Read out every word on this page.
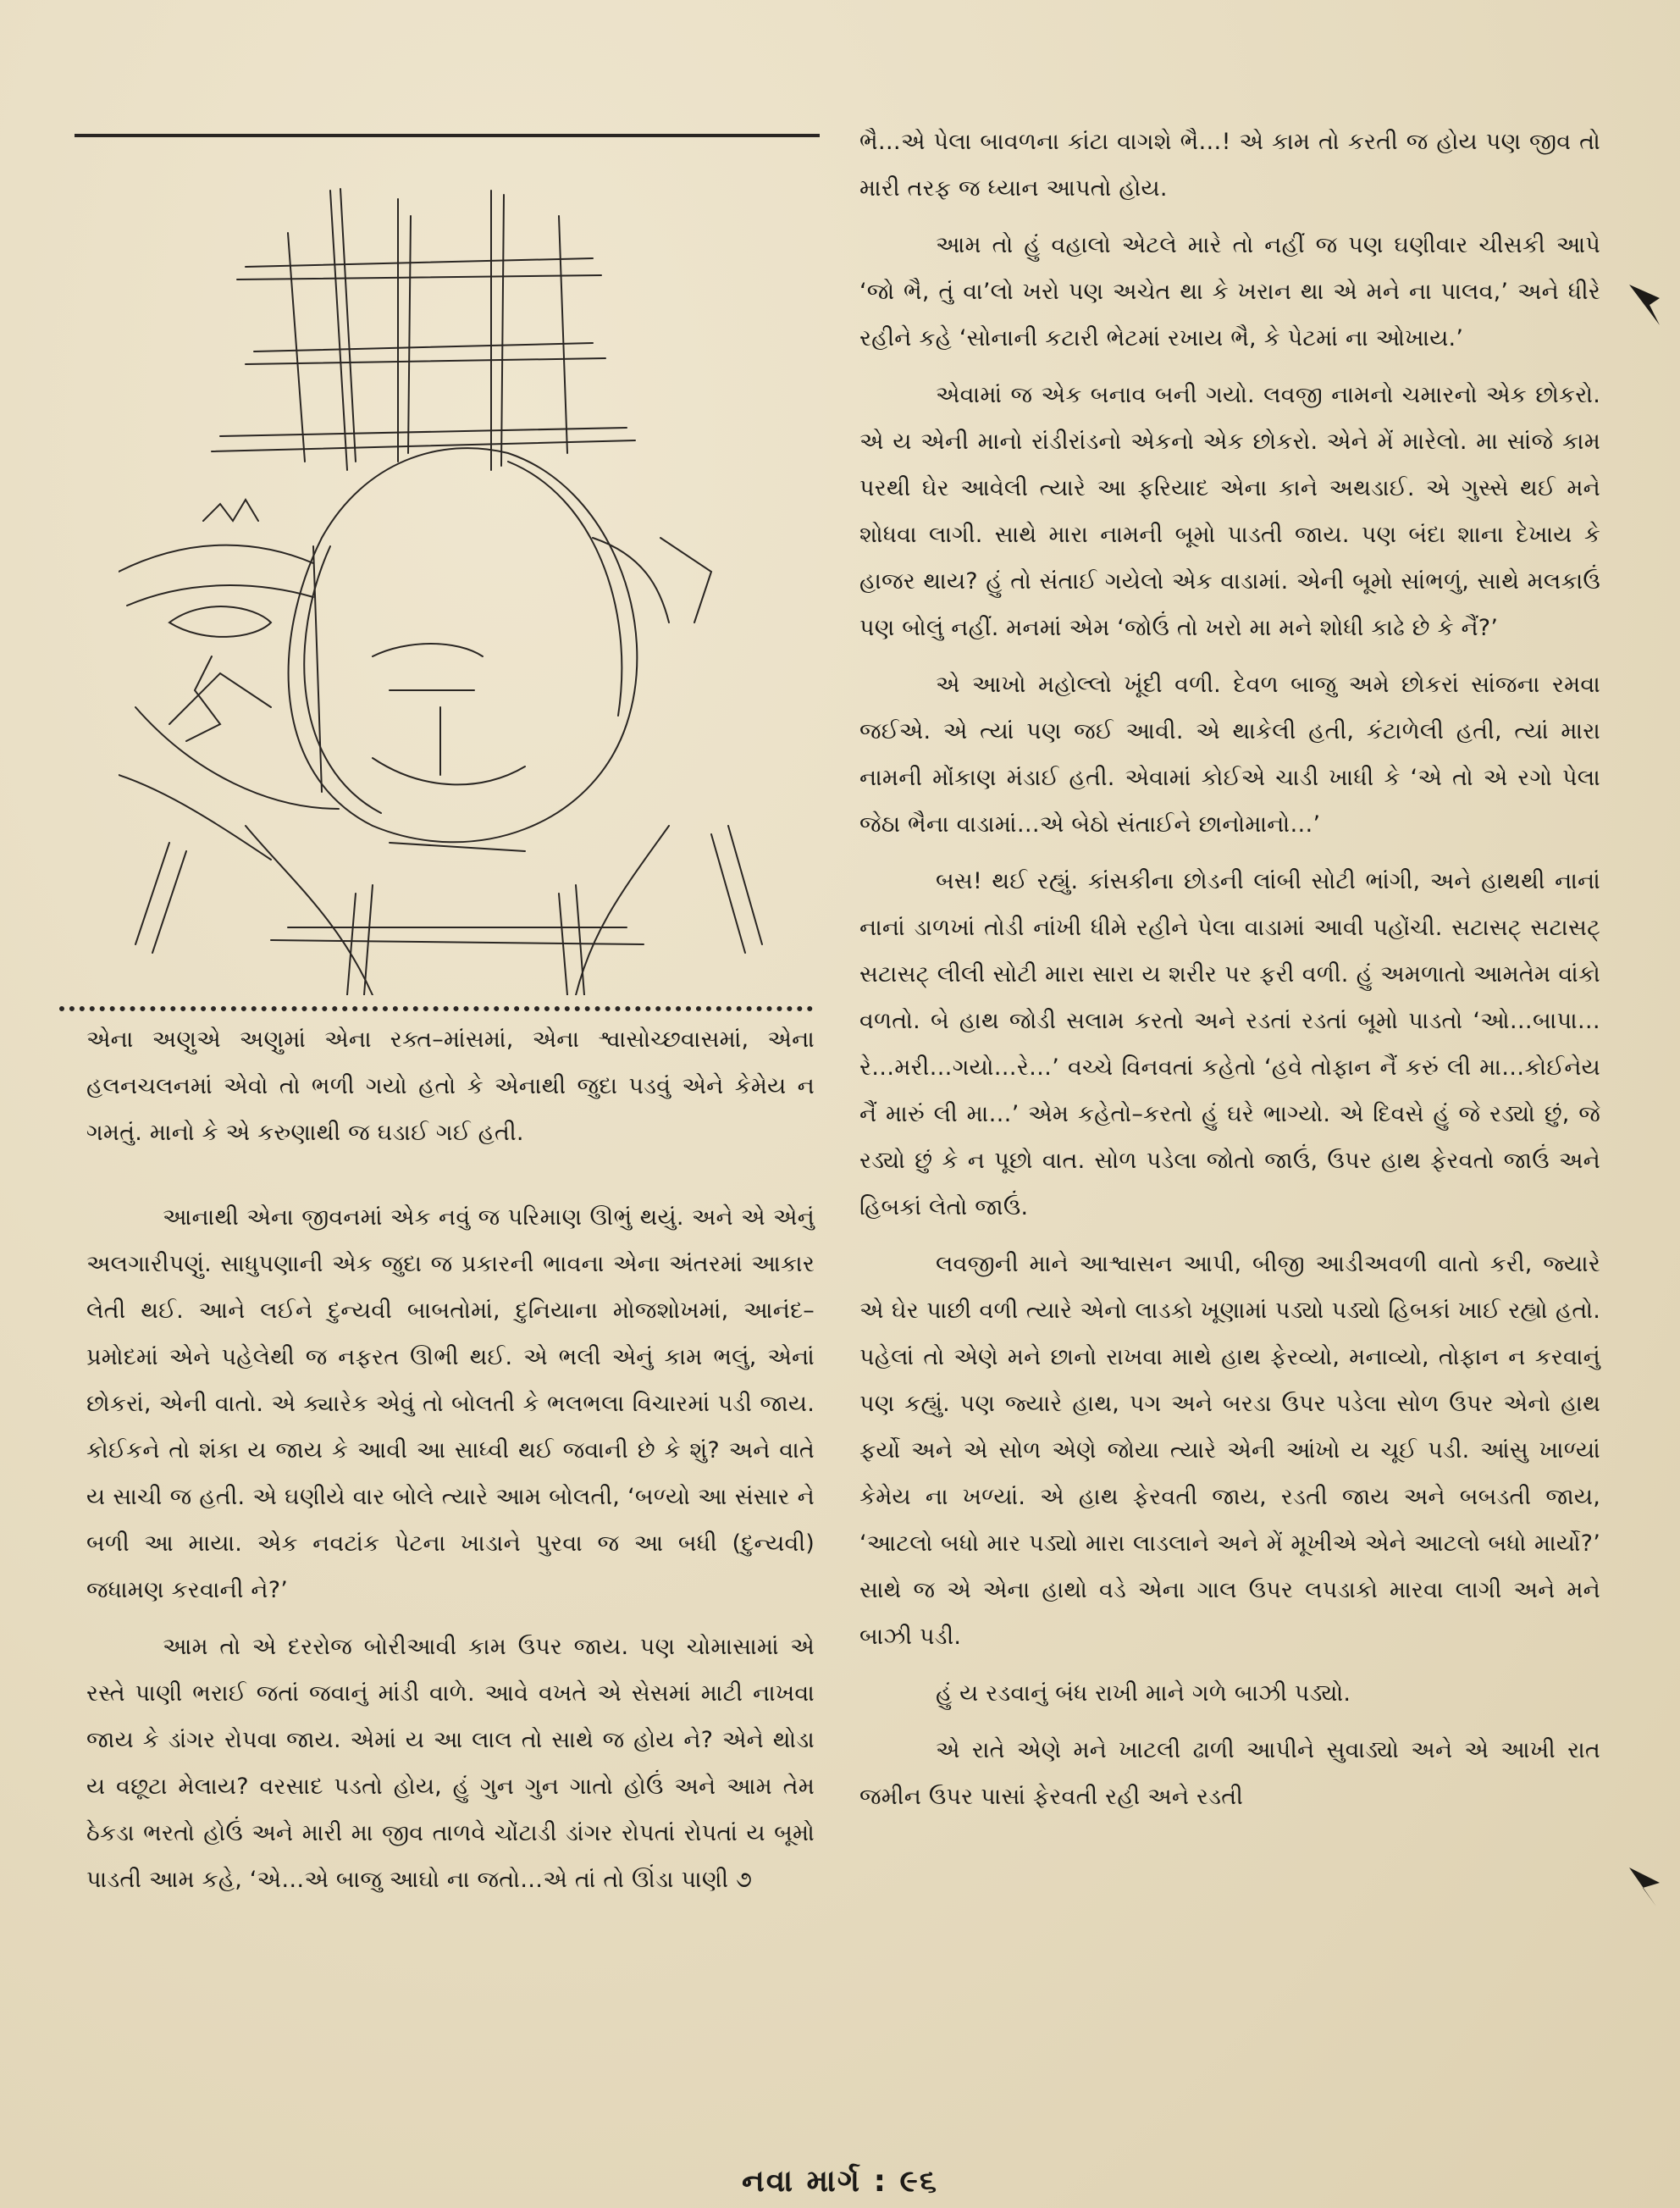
એના અણુએ અણુમાં એના રક્ત–માંસમાં, એના શ્વાસોચ્છવાસમાં, એના હલનચલનમાં એવો તો ભળી ગયો હતો કે એનાથી જુદા પડવું એને કેમેય ન ગમતું. માનો કે એ કરુણાથી જ ઘડાઈ ગઈ હતી.

આનાથી એના જીવનમાં એક નવું જ પરિમાણ ઊભું થયું. અને એ એનું અલગારીપણું. સાધુપણાની એક જુદા જ પ્રકારની ભાવના એના અંતરમાં આકાર લેતી થઈ. આને લઈને દુન્યવી બાબતોમાં, દુનિયાના મોજશોખમાં, આનંદ–પ્રમોદમાં એને પહેલેથી જ નફરત ઊભી થઈ. એ ભલી એનું કામ ભલું, એનાં છોકરાં, એની વાતો. એ ક્યારેક એવું તો બોલતી કે ભલભલા વિચારમાં પડી જાય. કોઈકને તો શંકા ય જાય કે આવી આ સાધ્વી થઈ જવાની છે કે શું? અને વાતે ય સાચી જ હતી. એ ઘણીયે વાર બોલે ત્યારે આમ બોલતી, ‘બળ્યો આ સંસાર ને બળી આ માયા. એક નવટાંક પેટના ખાડાને પુરવા જ આ બધી (દુન્યવી) જધામણ કરવાની ને?’

આમ તો એ દરરોજ બોરીઆવી કામ ઉપર જાય. પણ ચોમાસામાં એ રસ્તે પાણી ભરાઈ જતાં જવાનું માંડી વાળે. આવે વખતે એ સેસમાં માટી નાખવા જાય કે ડાંગર રોપવા જાય. એમાં ય આ લાલ તો સાથે જ હોય ને? એને થોડા ય વછૂટા મેલાય? વરસાદ પડતો હોય, હું ગુન ગુન ગાતો હોઉં અને આમ તેમ ઠેકડા ભરતો હોઉં અને મારી મા જીવ તાળવે ચોંટાડી ડાંગર રોપતાં રોપતાં ય બૂમો પાડતી આમ કહે, ‘એ…એ બાજુ આઘો ના જતો…એ તાં તો ઊંડા પાણી ૭

ભૈ…એ પેલા બાવળના કાંટા વાગશે ભૈ…! એ કામ તો કરતી જ હોય પણ જીવ તો મારી તરફ જ ધ્યાન આપતો હોય.

આમ તો હું વહાલો એટલે મારે તો નહીં જ પણ ઘણીવાર ચીસકી આપે ‘જો ભૈ, તું વા’લો ખરો પણ અચેત થા કે ખરાન થા એ મને ના પાલવ,’ અને ધીરે રહીને કહે ‘સોનાની કટારી ભેટમાં રખાય ભૈ, કે પેટમાં ના ઓખાય.’

એવામાં જ એક બનાવ બની ગયો. લવજી નામનો ચમારનો એક છોકરો. એ ય એની માનો રાંડીરાંડનો એકનો એક છોકરો. એને મેં મારેલો. મા સાંજે કામ પરથી ઘેર આવેલી ત્યારે આ ફરિયાદ એના કાને અથડાઈ. એ ગુસ્સે થઈ મને શોધવા લાગી. સાથે મારા નામની બૂમો પાડતી જાય. પણ બંદા શાના દેખાય કે હાજર થાય? હું તો સંતાઈ ગયેલો એક વાડામાં. એની બૂમો સાંભળું, સાથે મલકાઉં પણ બોલું નહીં. મનમાં એમ ‘જોઉં તો ખરો મા મને શોધી કાઢે છે કે નૈં?’

એ આખો મહોલ્લો ખૂંદી વળી. દેવળ બાજુ અમે છોકરાં સાંજના રમવા જઈએ. એ ત્યાં પણ જઈ આવી. એ થાકેલી હતી, કંટાળેલી હતી, ત્યાં મારા નામની મોંકાણ મંડાઈ હતી. એવામાં કોઈએ ચાડી ખાધી કે ‘એ તો એ રગો પેલા જેઠા ભૈના વાડામાં…એ બેઠો સંતાઈને છાનોમાનો…’

બસ! થઈ રહ્યું. કાંસકીના છોડની લાંબી સોટી ભાંગી, અને હાથથી નાનાં નાનાં ડાળખાં તોડી નાંખી ધીમે રહીને પેલા વાડામાં આવી પહોંચી. સટાસટ્ સટાસટ્ સટાસટ્ લીલી સોટી મારા સારા ય શરીર પર ફરી વળી. હું અમળાતો આમતેમ વાંકો વળતો. બે હાથ જોડી સલામ કરતો અને રડતાં રડતાં બૂમો પાડતો ‘ઓ…બાપા…રે…મરી…ગયો…રે…’ વચ્ચે વિનવતાં કહેતો ‘હવે તોફાન નૈં કરું લી મા…કોઈનેય નૈં મારું લી મા…’ એમ કહેતો–કરતો હું ઘરે ભાગ્યો. એ દિવસે હું જે રડ્યો છું, જે રડ્યો છું કે ન પૂછો વાત. સોળ પડેલા જોતો જાઉં, ઉપર હાથ ફેરવતો જાઉં અને હિબકાં લેતો જાઉં.

લવજીની માને આશ્વાસન આપી, બીજી આડીઅવળી વાતો કરી, જ્યારે એ ઘેર પાછી વળી ત્યારે એનો લાડકો ખૂણામાં પડ્યો પડ્યો હિબકાં ખાઈ રહ્યો હતો. પહેલાં તો એણે મને છાનો રાખવા માથે હાથ ફેરવ્યો, મનાવ્યો, તોફાન ન કરવાનું પણ કહ્યું. પણ જ્યારે હાથ, પગ અને બરડા ઉપર પડેલા સોળ ઉપર એનો હાથ ફર્યો અને એ સોળ એણે જોયા ત્યારે એની આંખો ય ચૂઈ પડી. આંસુ ખાળ્યાં કેમેય ના ખળ્યાં. એ હાથ ફેરવતી જાય, રડતી જાય અને બબડતી જાય, ‘આટલો બધો માર પડ્યો મારા લાડલાને અને મેં મૂખીએ એને આટલો બધો માર્યો?’ સાથે જ એ એના હાથો વડે એના ગાલ ઉપર લપડાકો મારવા લાગી અને મને બાઝી પડી.

હું ય રડવાનું બંધ રાખી માને ગળે બાઝી પડ્યો.

એ રાતે એણે મને ખાટલી ઢાળી આપીને સુવાડ્યો અને એ આખી રાત જમીન ઉપર પાસાં ફેરવતી રહી અને રડતી

નવા માર્ગ : ૯૬
